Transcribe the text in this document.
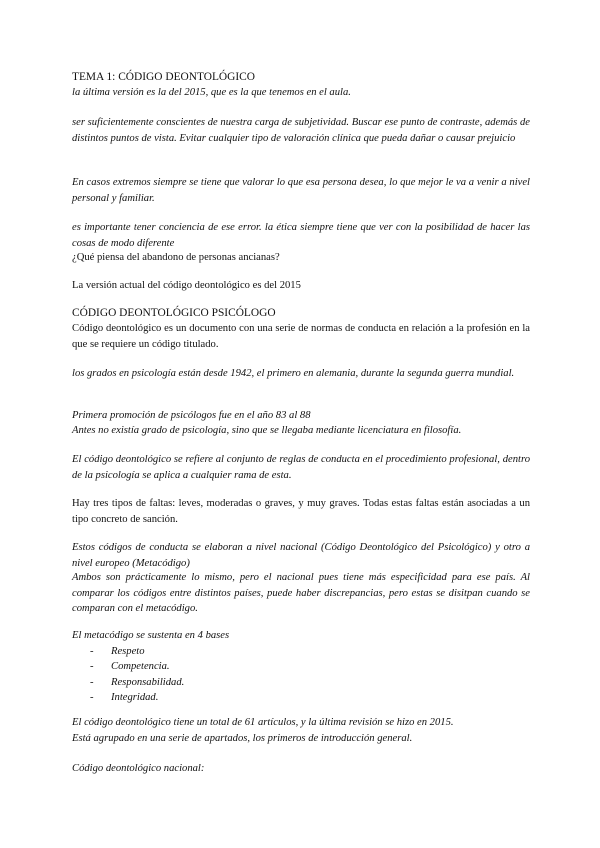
TEMA 1: CÓDIGO DEONTOLÓGICO

la última versión es la del 2015, que es la que tenemos en el aula.

ser suficientemente conscientes de nuestra carga de subjetividad. Buscar ese punto de contraste, además de distintos puntos de vista. Evitar cualquier tipo de valoración clínica que pueda dañar o causar prejuicio

En casos extremos siempre se tiene que valorar lo que esa persona desea, lo que mejor le va a venir a nivel personal y familiar.

es importante tener conciencia de ese error. la ética siempre tiene que ver con la posibilidad de hacer las cosas de modo diferente

¿Qué piensa del abandono de personas ancianas?

La versión actual del código deontológico es del 2015

CÓDIGO DEONTOLÓGICO PSICÓLOGO

Código deontológico es un documento con una serie de normas de conducta en relación a la profesión en la que se requiere un código titulado.

los grados en psicología están desde 1942, el primero en alemania, durante la segunda guerra mundial.

Primera promoción de psicólogos fue en el año 83 al 88

Antes no existía grado de psicología, sino que se llegaba mediante licenciatura en filosofía.

El código deontológico se refiere al conjunto de reglas de conducta en el procedimiento profesional, dentro de la psicología se aplica a cualquier rama de esta.

Hay tres tipos de faltas: leves, moderadas o graves, y muy graves. Todas estas faltas están asociadas a un tipo concreto de sanción.

Estos códigos de conducta se elaboran a nivel nacional (Código Deontológico del Psicológico) y otro a nivel europeo (Metacódigo)

Ambos son prácticamente lo mismo, pero el nacional pues tiene más especificidad para ese país. Al comparar los códigos entre distintos países, puede haber discrepancias, pero estas se disitpan cuando se comparan con el metacódigo.

El metacódigo se sustenta en 4 bases

- Respeto
- Competencia.
- Responsabilidad.
- Integridad.

El código deontológico tiene un total de 61 artículos, y la última revisión se hizo en 2015.

Está agrupado en una serie de apartados, los primeros de introducción general.

Código deontológico nacional:
